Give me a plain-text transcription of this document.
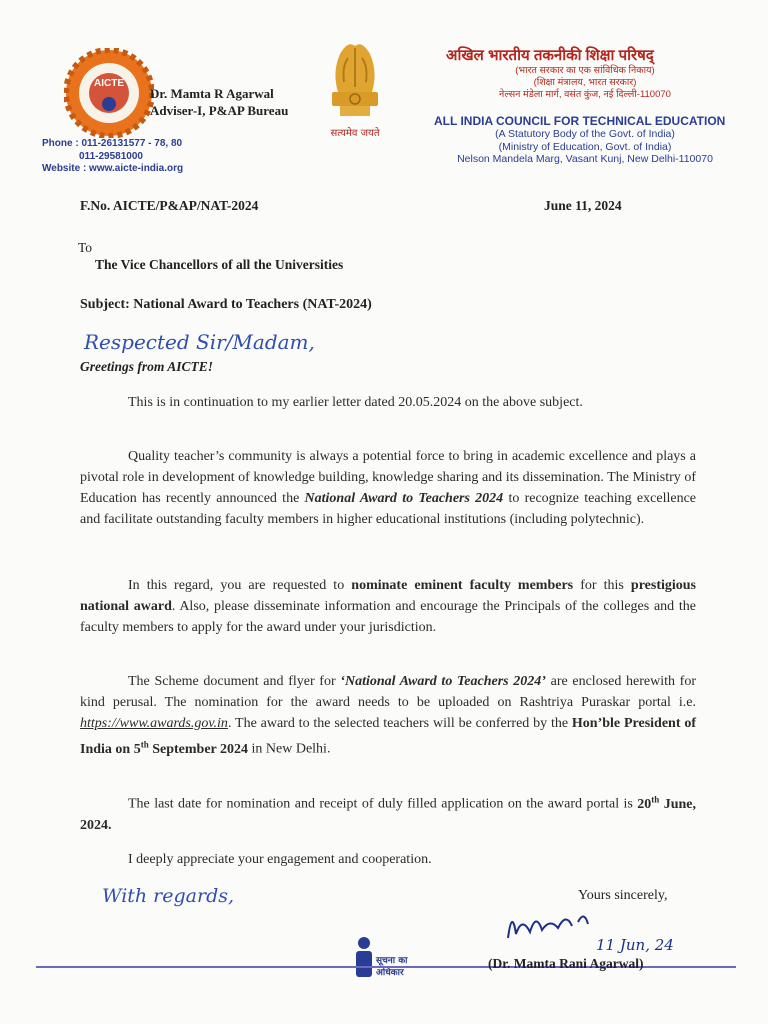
AICTE
Dr. Mamta R Agarwal
Adviser-I, P&AP Bureau
Phone : 011-26131577 - 78, 80
011-29581000
Website : www.aicte-india.org
सत्यमेव जयते
अखिल भारतीय तकनीकी शिक्षा परिषद्
(भारत सरकार का एक सांविधिक निकाय)
(शिक्षा मंत्रालय, भारत सरकार)
नेल्सन मंडेला मार्ग, वसंत कुंज, नई दिल्ली-110070
ALL INDIA COUNCIL FOR TECHNICAL EDUCATION
(A Statutory Body of the Govt. of India)
(Ministry of Education, Govt. of India)
Nelson Mandela Marg, Vasant Kunj, New Delhi-110070
F.No. AICTE/P&AP/NAT-2024	June 11, 2024
To
The Vice Chancellors of all the Universities
Subject: National Award to Teachers (NAT-2024)
Respected Sir/Madam,
Greetings from AICTE!
This is in continuation to my earlier letter dated 20.05.2024 on the above subject.
Quality teacher’s community is always a potential force to bring in academic excellence and plays a pivotal role in development of knowledge building, knowledge sharing and its dissemination. The Ministry of Education has recently announced the National Award to Teachers 2024 to recognize teaching excellence and facilitate outstanding faculty members in higher educational institutions (including polytechnic).
In this regard, you are requested to nominate eminent faculty members for this prestigious national award. Also, please disseminate information and encourage the Principals of the colleges and the faculty members to apply for the award under your jurisdiction.
The Scheme document and flyer for ‘National Award to Teachers 2024’ are enclosed herewith for kind perusal. The nomination for the award needs to be uploaded on Rashtriya Puraskar portal i.e. https://www.awards.gov.in. The award to the selected teachers will be conferred by the Hon’ble President of India on 5th September 2024 in New Delhi.
The last date for nomination and receipt of duly filled application on the award portal is 20th June, 2024.
I deeply appreciate your engagement and cooperation.
With regards,	Yours sincerely,
11 Jun, 24
सूचना का
अधिकार
(Dr. Mamta Rani Agarwal)
